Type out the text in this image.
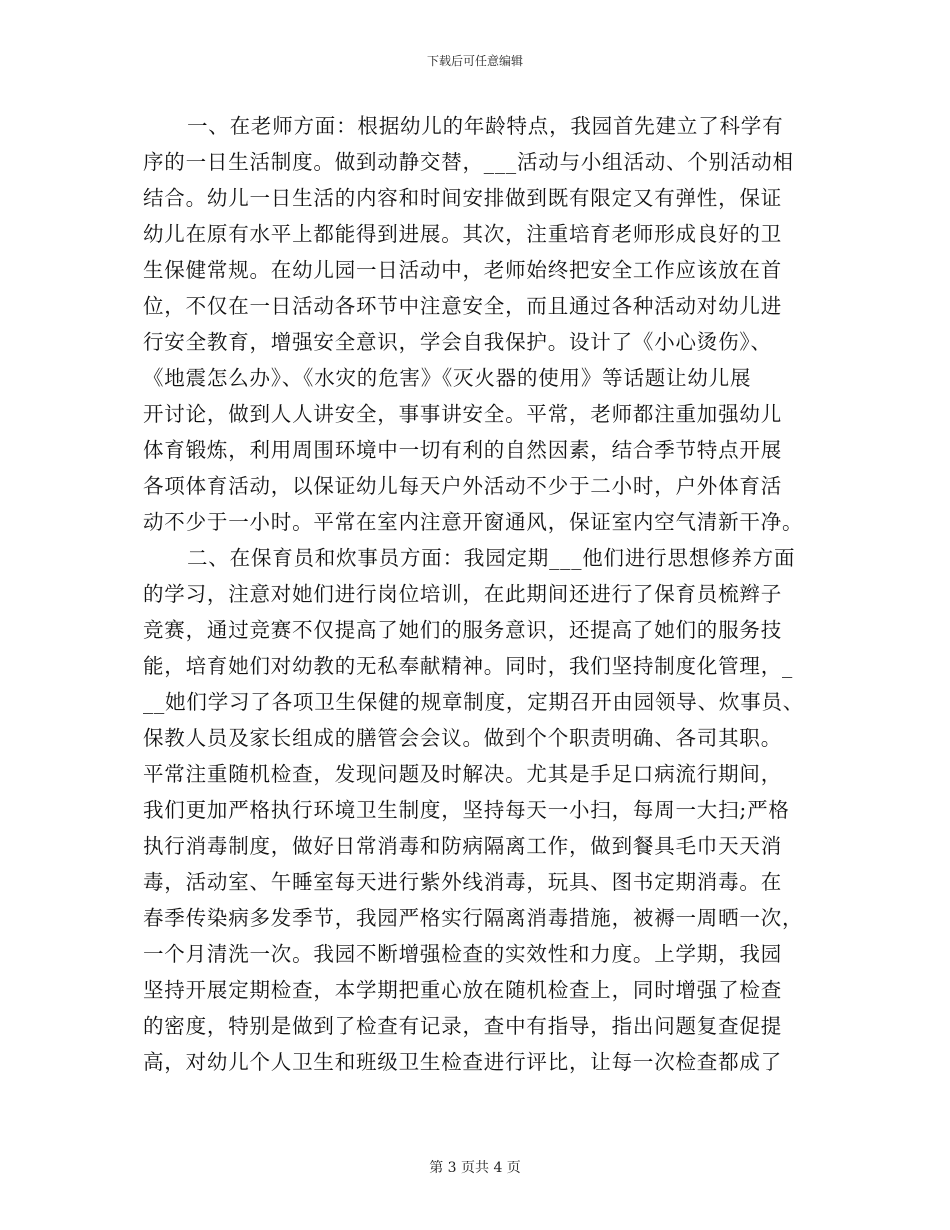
下载后可任意编辑
一、在老师方面：根据幼儿的年龄特点，我园首先建立了科学有
序的一日生活制度。做到动静交替，___活动与小组活动、个别活动相
结合。幼儿一日生活的内容和时间安排做到既有限定又有弹性，保证
幼儿在原有水平上都能得到进展。其次，注重培育老师形成良好的卫
生保健常规。在幼儿园一日活动中，老师始终把安全工作应该放在首
位，不仅在一日活动各环节中注意安全，而且通过各种活动对幼儿进
行安全教育，增强安全意识，学会自我保护。设计了《小心烫伤》、
《地震怎么办》、《水灾的危害》《灭火器的使用》等话题让幼儿展
开讨论，做到人人讲安全，事事讲安全。平常，老师都注重加强幼儿
体育锻炼，利用周围环境中一切有利的自然因素，结合季节特点开展
各项体育活动，以保证幼儿每天户外活动不少于二小时，户外体育活
动不少于一小时。平常在室内注意开窗通风，保证室内空气清新干净。
二、在保育员和炊事员方面：我园定期___他们进行思想修养方面
的学习，注意对她们进行岗位培训，在此期间还进行了保育员梳辫子
竞赛，通过竞赛不仅提高了她们的服务意识，还提高了她们的服务技
能，培育她们对幼教的无私奉献精神。同时，我们坚持制度化管理，_
__她们学习了各项卫生保健的规章制度，定期召开由园领导、炊事员、
保教人员及家长组成的膳管会会议。做到个个职责明确、各司其职。
平常注重随机检查，发现问题及时解决。尤其是手足口病流行期间，
我们更加严格执行环境卫生制度，坚持每天一小扫，每周一大扫;严格
执行消毒制度，做好日常消毒和防病隔离工作，做到餐具毛巾天天消
毒，活动室、午睡室每天进行紫外线消毒，玩具、图书定期消毒。在
春季传染病多发季节，我园严格实行隔离消毒措施，被褥一周晒一次，
一个月清洗一次。我园不断增强检查的实效性和力度。上学期，我园
坚持开展定期检查，本学期把重心放在随机检查上，同时增强了检查
的密度，特别是做到了检查有记录，查中有指导，指出问题复查促提
高，对幼儿个人卫生和班级卫生检查进行评比，让每一次检查都成了
第 3 页共 4 页
